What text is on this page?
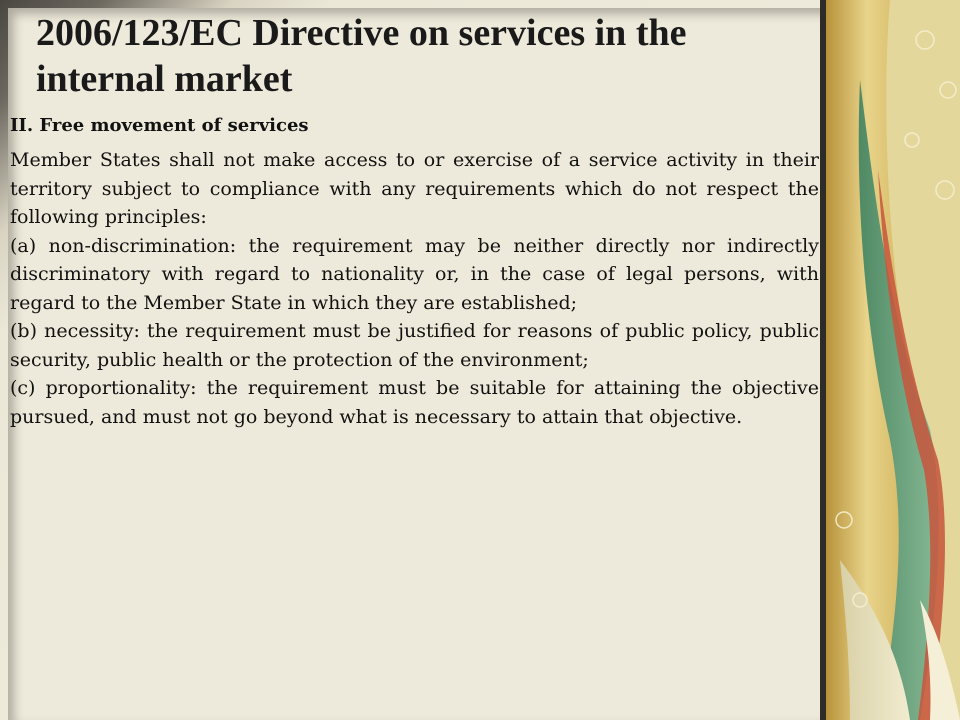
2006/123/EC Directive on services in the internal market

II. Free movement of services

Member States shall not make access to or exercise of a service activity in their territory subject to compliance with any requirements which do not respect the following principles:

(a) non-discrimination: the requirement may be neither directly nor indirectly discriminatory with regard to nationality or, in the case of legal persons, with regard to the Member State in which they are established;

(b) necessity: the requirement must be justified for reasons of public policy, public security, public health or the protection of the environment;

(c) proportionality: the requirement must be suitable for attaining the objective pursued, and must not go beyond what is necessary to attain that objective.
